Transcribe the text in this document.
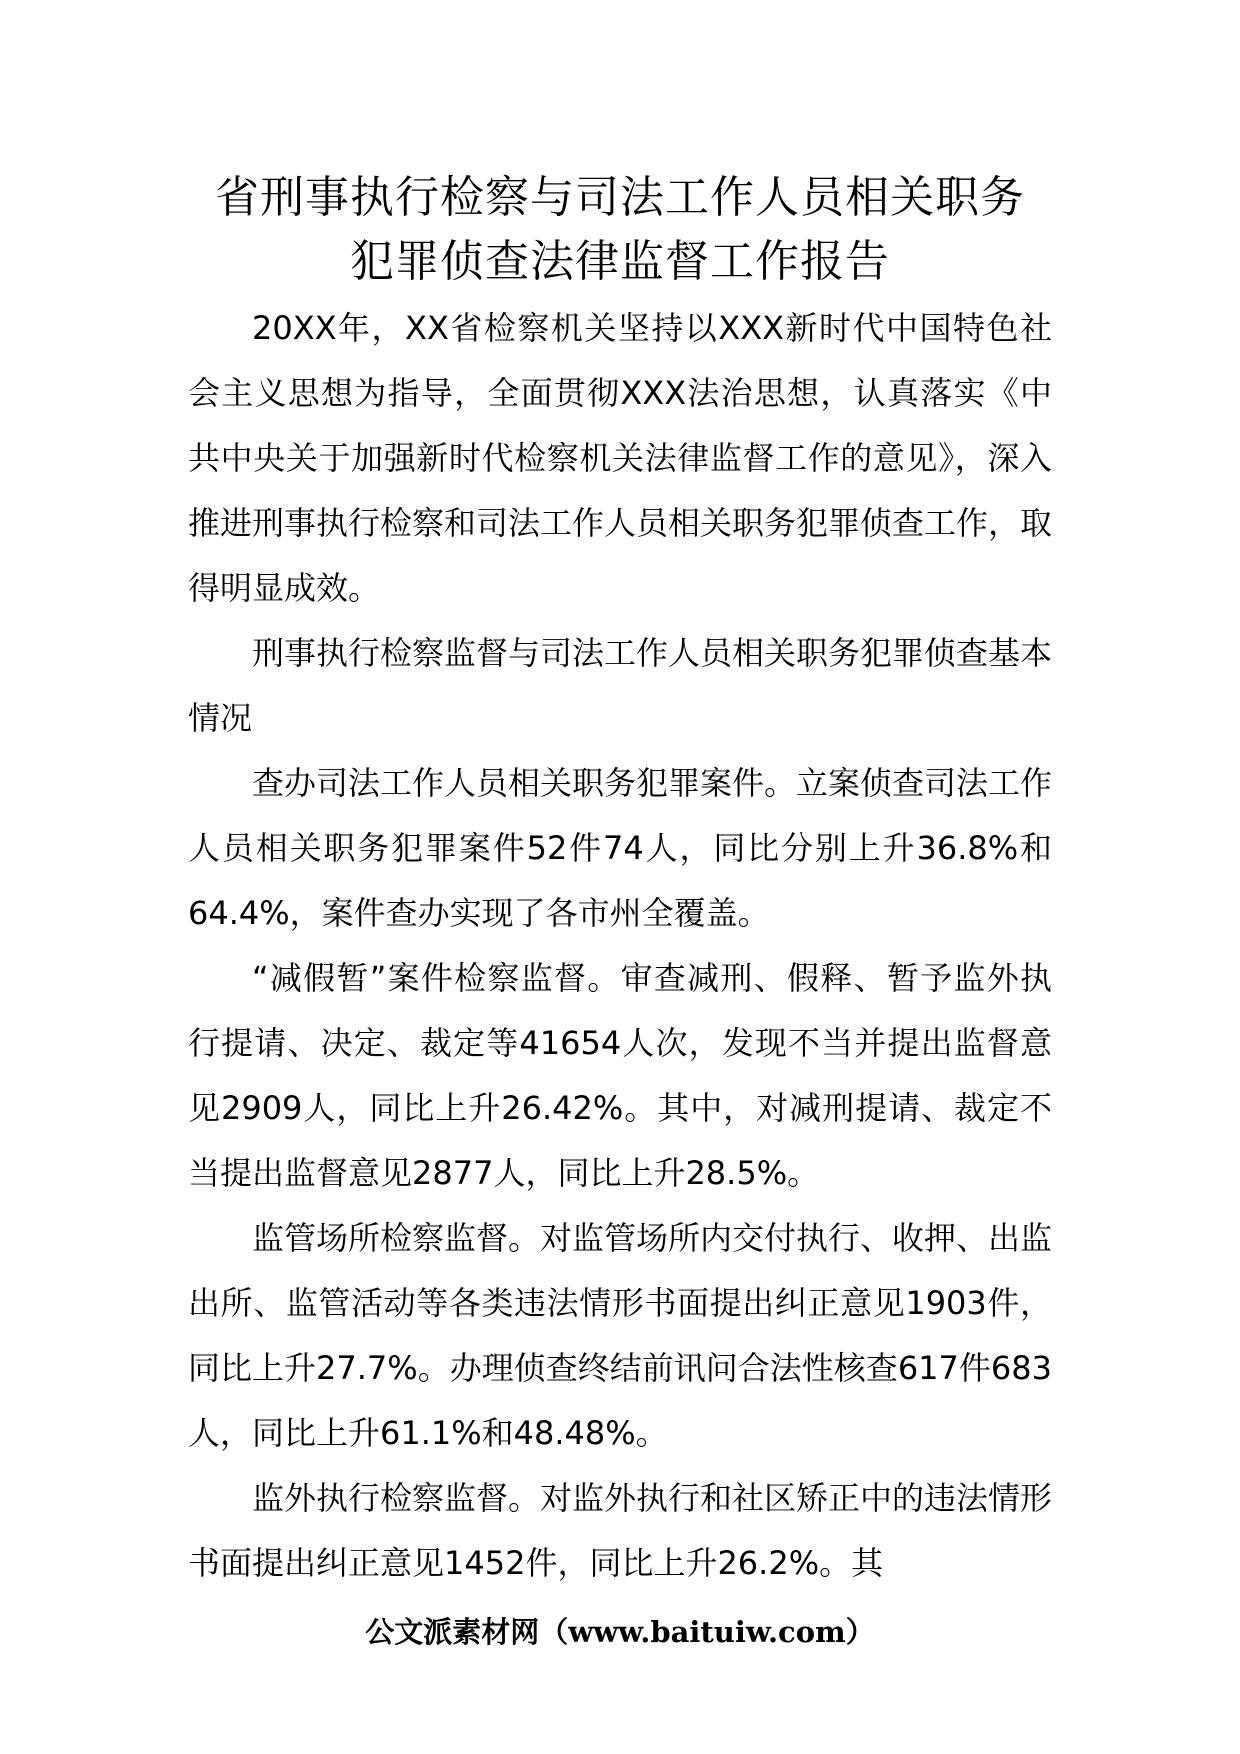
省刑事执行检察与司法工作人员相关职务
犯罪侦查法律监督工作报告

20XX年，XX省检察机关坚持以XXX新时代中国特色社会主义思想为指导，全面贯彻XXX法治思想，认真落实《中共中央关于加强新时代检察机关法律监督工作的意见》，深入推进刑事执行检察和司法工作人员相关职务犯罪侦查工作，取得明显成效。

刑事执行检察监督与司法工作人员相关职务犯罪侦查基本情况

查办司法工作人员相关职务犯罪案件。立案侦查司法工作人员相关职务犯罪案件52件74人，同比分别上升36.8%和64.4%，案件查办实现了各市州全覆盖。

“减假暂”案件检察监督。审查减刑、假释、暂予监外执行提请、决定、裁定等41654人次，发现不当并提出监督意见2909人，同比上升26.42%。其中，对减刑提请、裁定不当提出监督意见2877人，同比上升28.5%。

监管场所检察监督。对监管场所内交付执行、收押、出监出所、监管活动等各类违法情形书面提出纠正意见1903件，同比上升27.7%。办理侦查终结前讯问合法性核查617件683人，同比上升61.1%和48.48%。

监外执行检察监督。对监外执行和社区矫正中的违法情形书面提出纠正意见1452件，同比上升26.2%。其

公文派素材网（www.baituiw.com）
